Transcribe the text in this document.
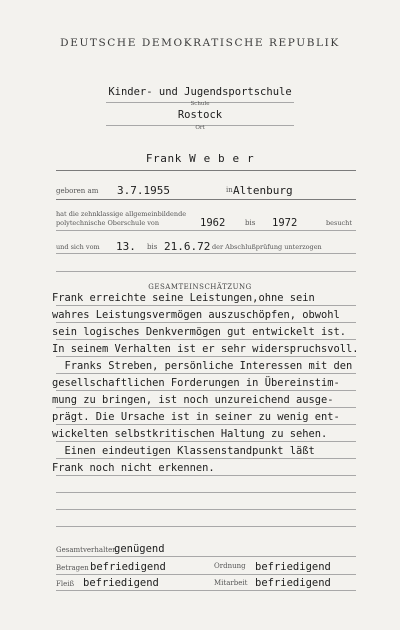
DEUTSCHE DEMOKRATISCHE REPUBLIK
Kinder- und Jugendsportschule
Schule
Rostock
Ort
Frank W e b e r
geboren am 3.7.1955	in Altenburg
hat die zehnklassige allgemeinbildende
polytechnische Oberschule von	1962	bis 1972	besucht
und sich vom 13. bis 21.6.72 der Abschlußprüfung unterzogen
GESAMTEINSCHÄTZUNG
Frank erreichte seine Leistungen,ohne sein
wahres Leistungsvermögen auszuschöpfen, obwohl
sein logisches Denkvermögen gut entwickelt ist.
In seinem Verhalten ist er sehr widerspruchsvoll.
Franks Streben, persönliche Interessen mit den
gesellschaftlichen Forderungen in Übereinstim-
mung zu bringen, ist noch unzureichend ausge-
prägt. Die Ursache ist in seiner zu wenig ent-
wickelten selbstkritischen Haltung zu sehen.
Einen eindeutigen Klassenstandpunkt läßt
Frank noch nicht erkennen.
Gesamtverhalten
genügend
Betragen befriedigend	Ordnung befriedigend
Fleiß befriedigend	Mitarbeit befriedigend
